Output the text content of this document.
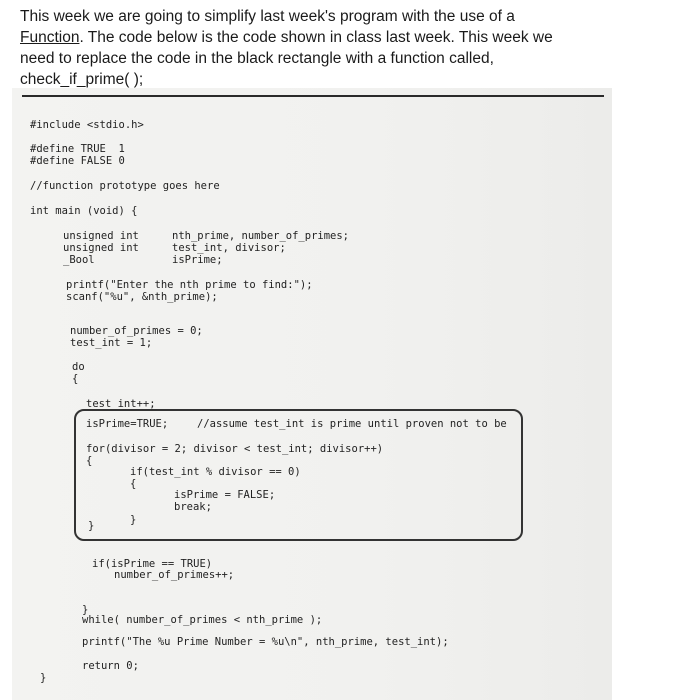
This week we are going to simplify last week's program with the use of a
Function. The code below is the code shown in class last week. This week we
need to replace the code in the black rectangle with a function called,
check_if_prime( );
#include <stdio.h>
#define TRUE  1
#define FALSE 0
//function prototype goes here
int main (void) {
unsigned int
unsigned int
_Bool
nth_prime, number_of_primes;
test_int, divisor;
isPrime;
printf("Enter the nth prime to find:");
scanf("%u", &nth_prime);
number_of_primes = 0;
test_int = 1;
do
{
test_int++;
isPrime=TRUE;	//assume test_int is prime until proven not to be
for(divisor = 2; divisor < test_int; divisor++)
{
if(test_int % divisor == 0)
{
isPrime = FALSE;
break;
}
}
if(isPrime == TRUE)
number_of_primes++;
}
while( number_of_primes < nth_prime );
printf("The %u Prime Number = %u\n", nth_prime, test_int);
return 0;
}
